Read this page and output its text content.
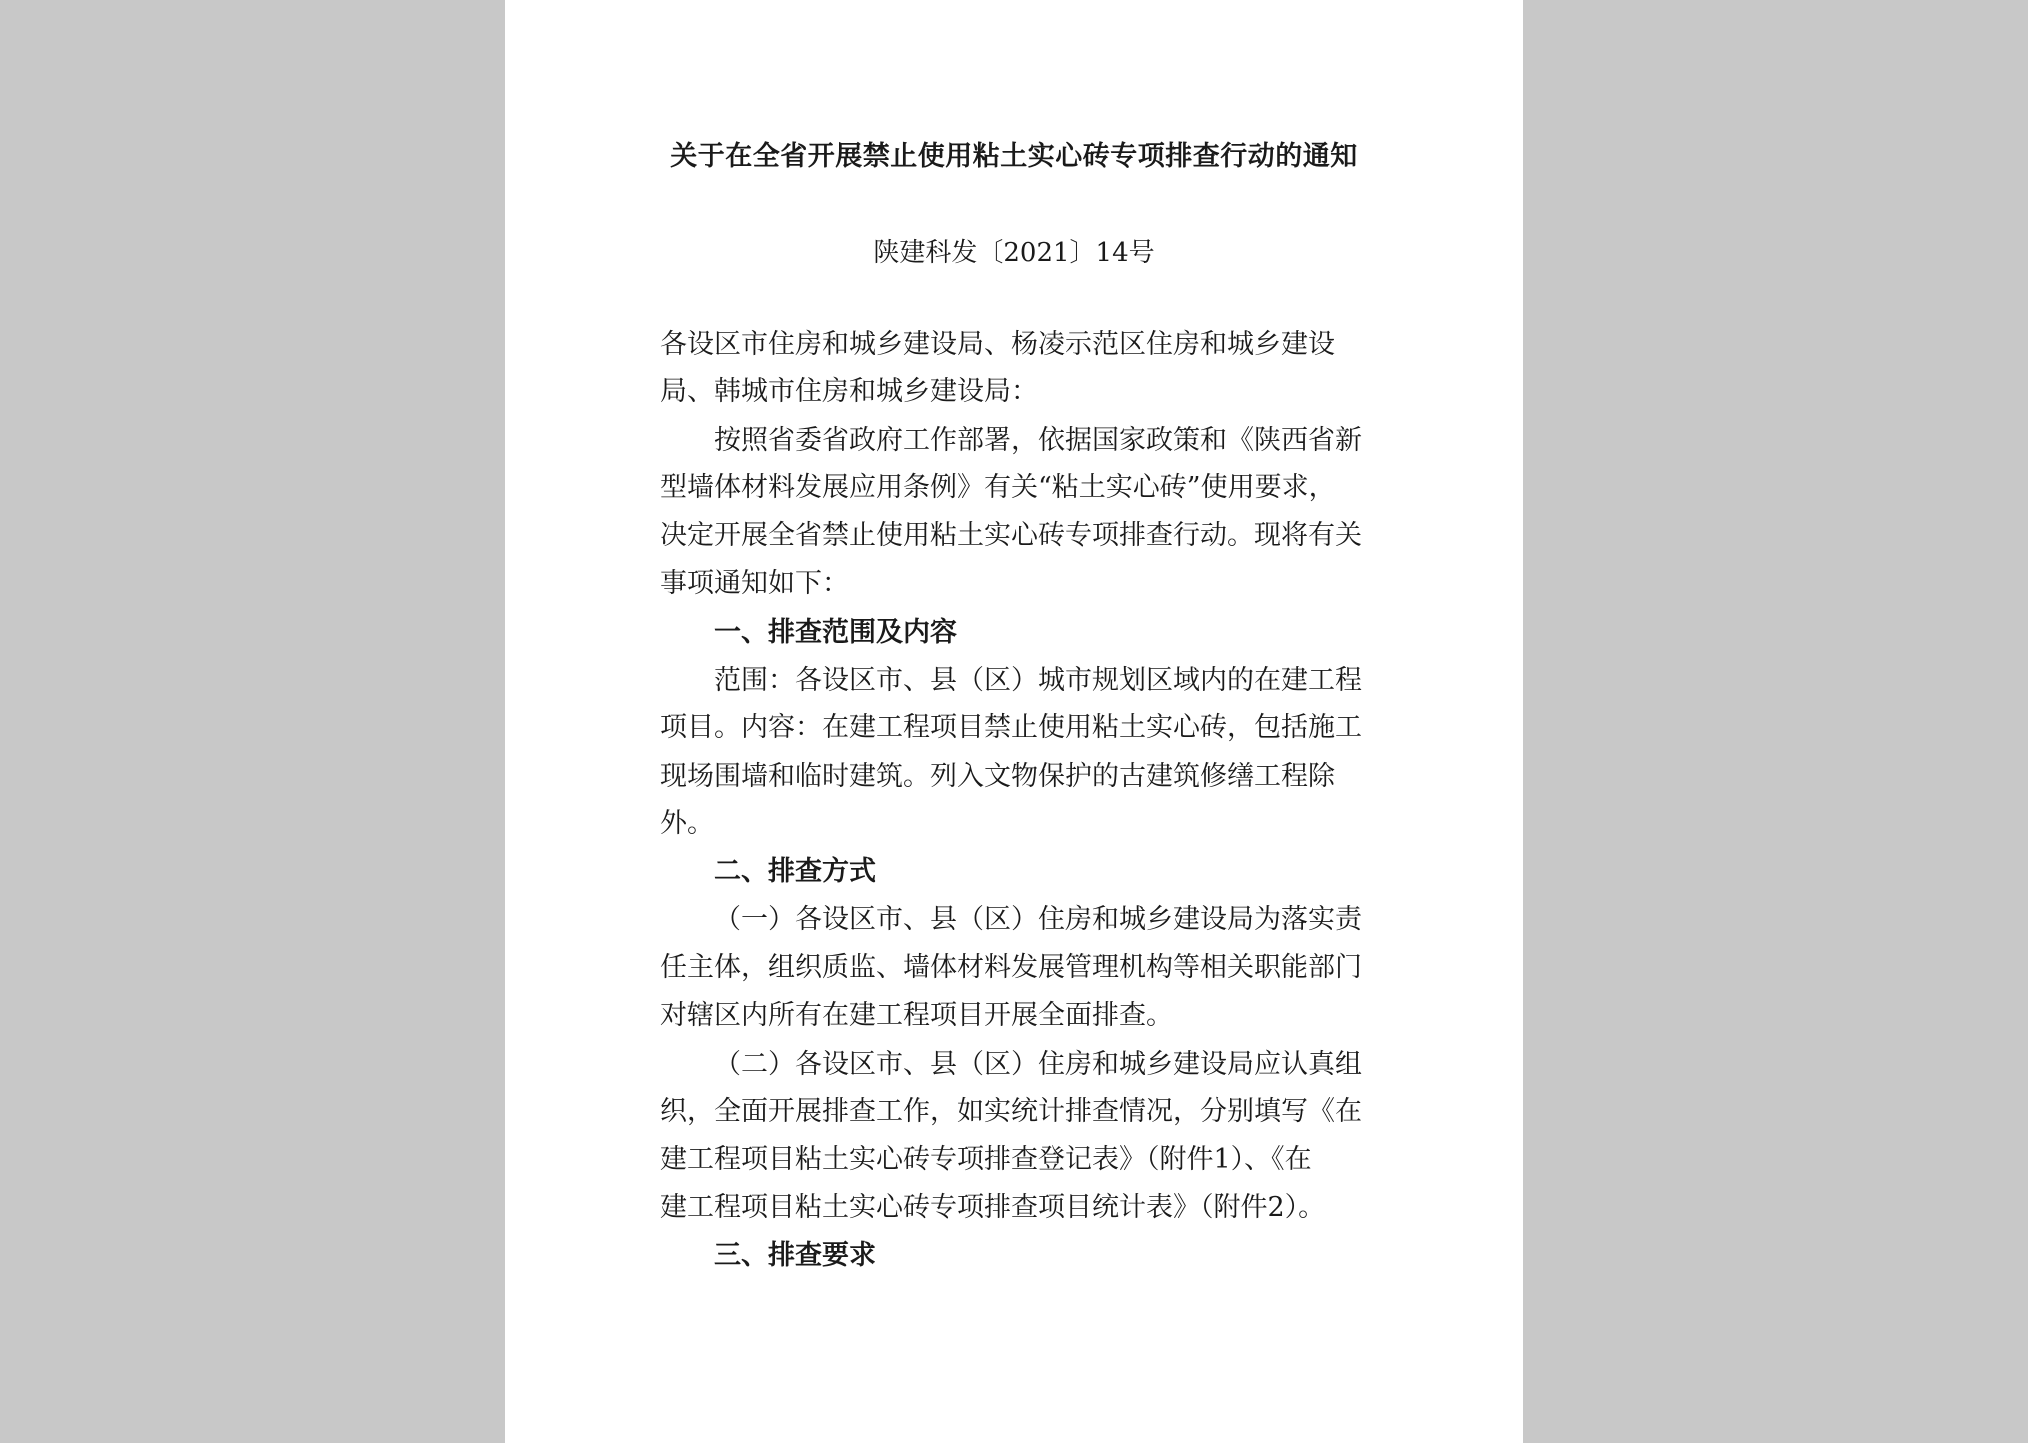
关于在全省开展禁止使用粘土实心砖专项排查行动的通知
陕建科发〔2021〕14号
各设区市住房和城乡建设局、杨凌示范区住房和城乡建设
局、韩城市住房和城乡建设局：
按照省委省政府工作部署，依据国家政策和《陕西省新
型墙体材料发展应用条例》有关“粘土实心砖”使用要求，
决定开展全省禁止使用粘土实心砖专项排查行动。现将有关
事项通知如下：
一、排查范围及内容
范围：各设区市、县（区）城市规划区域内的在建工程
项目。内容：在建工程项目禁止使用粘土实心砖，包括施工
现场围墙和临时建筑。列入文物保护的古建筑修缮工程除
外。
二、排查方式
（一）各设区市、县（区）住房和城乡建设局为落实责
任主体，组织质监、墙体材料发展管理机构等相关职能部门
对辖区内所有在建工程项目开展全面排查。
（二）各设区市、县（区）住房和城乡建设局应认真组
织，全面开展排查工作，如实统计排查情况，分别填写《在
建工程项目粘土实心砖专项排查登记表》（附件1）、《在
建工程项目粘土实心砖专项排查项目统计表》（附件2）。
三、排查要求
